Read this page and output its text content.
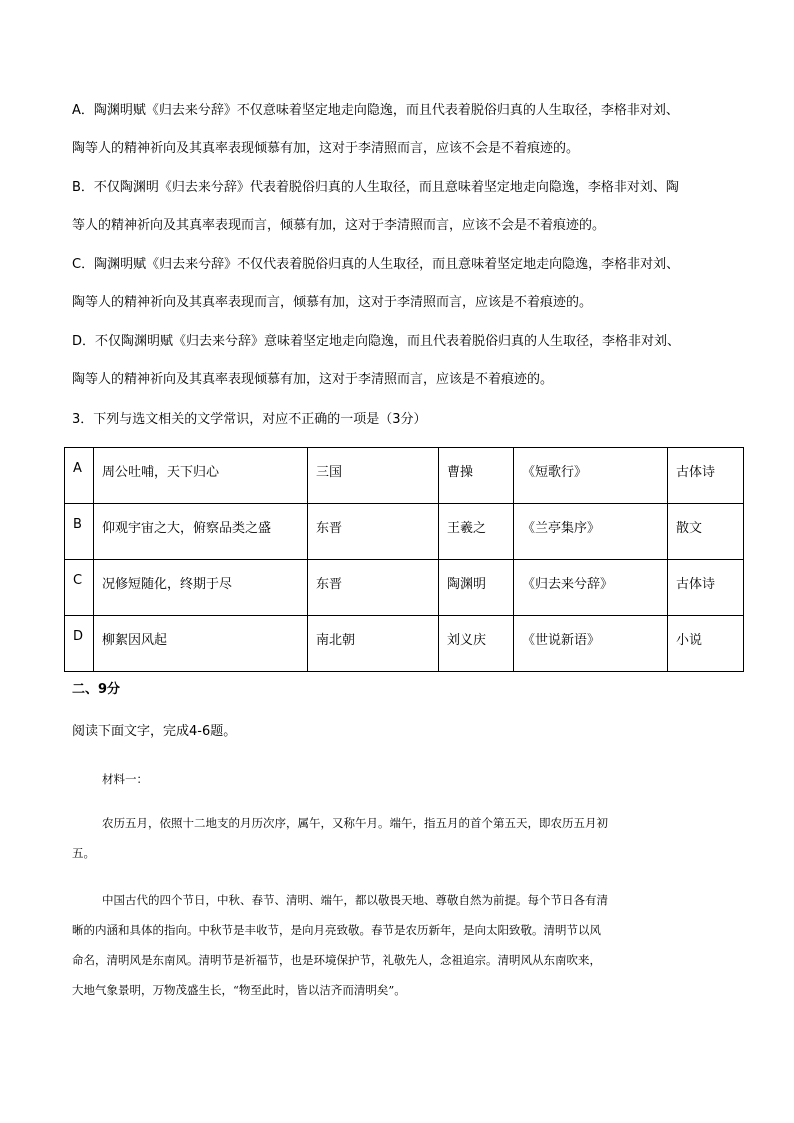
A．陶渊明赋《归去来兮辞》不仅意味着坚定地走向隐逸，而且代表着脱俗归真的人生取径，李格非对刘、
陶等人的精神祈向及其真率表现倾慕有加，这对于李清照而言，应该不会是不着痕迹的。
B．不仅陶渊明《归去来兮辞》代表着脱俗归真的人生取径，而且意味着坚定地走向隐逸，李格非对刘、陶
等人的精神祈向及其真率表现而言，倾慕有加，这对于李清照而言，应该不会是不着痕迹的。
C．陶渊明赋《归去来兮辞》不仅代表着脱俗归真的人生取径，而且意味着坚定地走向隐逸，李格非对刘、
陶等人的精神祈向及其真率表现而言，倾慕有加，这对于李清照而言，应该是不着痕迹的。
D．不仅陶渊明赋《归去来兮辞》意味着坚定地走向隐逸，而且代表着脱俗归真的人生取径，李格非对刘、
陶等人的精神祈向及其真率表现倾慕有加，这对于李清照而言，应该是不着痕迹的。

3．下列与选文相关的文学常识，对应不正确的一项是（3分）

A	周公吐哺，天下归心	三国	曹操	《短歌行》	古体诗
B	仰观宇宙之大，俯察品类之盛	东晋	王羲之	《兰亭集序》	散文
C	况修短随化，终期于尽	东晋	陶渊明	《归去来兮辞》	古体诗
D	柳絮因风起	南北朝	刘义庆	《世说新语》	小说

二、9分

阅读下面文字，完成4-6题。

材料一：

农历五月，依照十二地支的月历次序，属午，又称午月。端午，指五月的首个第五天，即农历五月初
五。
中国古代的四个节日，中秋、春节、清明、端午，都以敬畏天地、尊敬自然为前提。每个节日各有清
晰的内涵和具体的指向。中秋节是丰收节，是向月亮致敬。春节是农历新年，是向太阳致敬。清明节以风
命名，清明风是东南风。清明节是祈福节，也是环境保护节，礼敬先人，念祖追宗。清明风从东南吹来，
大地气象景明，万物茂盛生长，“物至此时，皆以洁齐而清明矣”。
